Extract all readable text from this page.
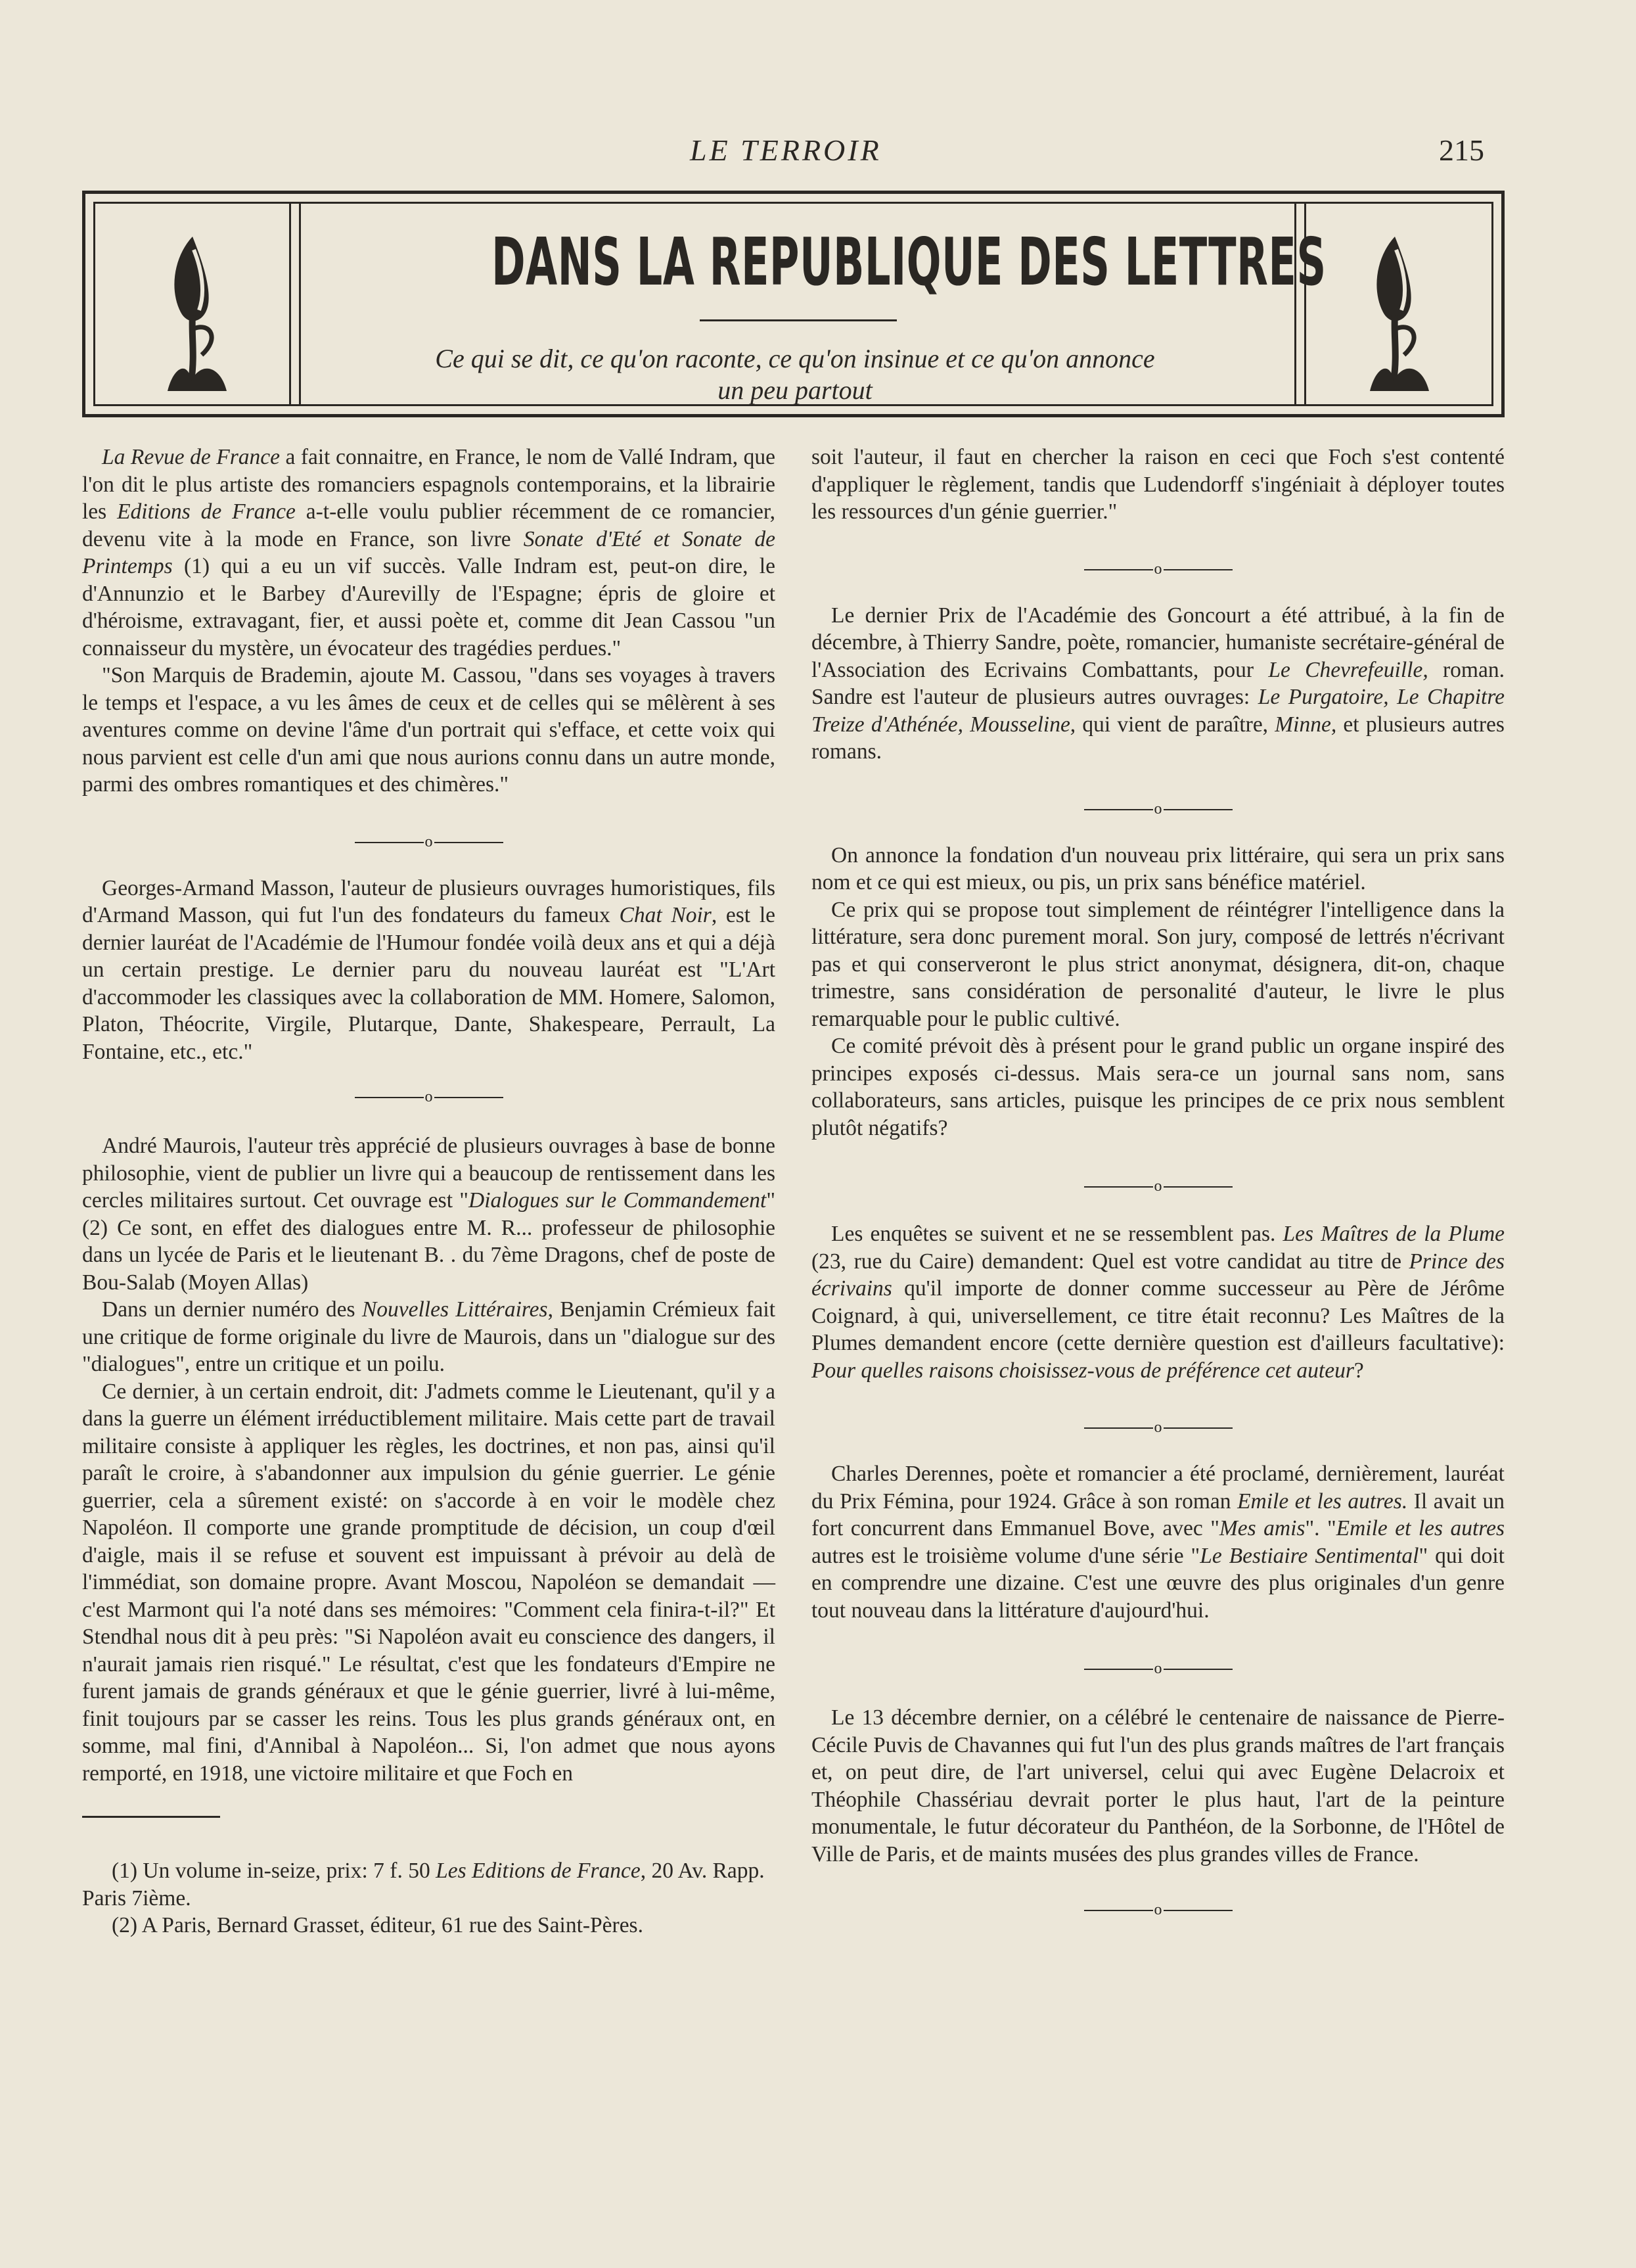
LE TERROIR	215
DANS LA REPUBLIQUE DES LETTRES
Ce qui se dit, ce qu'on raconte, ce qu'on insinue et ce qu'on annonce
un peu partout

La Revue de France a fait connaitre, en France, le nom de Vallé Indram, que l'on dit le plus artiste des romanciers espagnols contemporains, et la librairie les Editions de France a-t-elle voulu publier récemment de ce romancier, devenu vite à la mode en France, son livre Sonate d'Eté et Sonate de Printemps (1) qui a eu un vif succès. Valle Indram est, peut-on dire, le d'Annunzio et le Barbey d'Aurevilly de l'Espagne; épris de gloire et d'héroisme, extravagant, fier, et aussi poète et, comme dit Jean Cassou "un connaisseur du mystère, un évocateur des tragédies perdues."

"Son Marquis de Brademin, ajoute M. Cassou, "dans ses voyages à travers le temps et l'espace, a vu les âmes de ceux et de celles qui se mêlèrent à ses aventures comme on devine l'âme d'un portrait qui s'efface, et cette voix qui nous parvient est celle d'un ami que nous aurions connu dans un autre monde, parmi des ombres romantiques et des chimères."

o

Georges-Armand Masson, l'auteur de plusieurs ouvrages humoristiques, fils d'Armand Masson, qui fut l'un des fondateurs du fameux Chat Noir, est le dernier lauréat de l'Académie de l'Humour fondée voilà deux ans et qui a déjà un certain prestige. Le dernier paru du nouveau lauréat est "L'Art d'accommoder les classiques avec la collaboration de MM. Homere, Salomon, Platon, Théocrite, Virgile, Plutarque, Dante, Shakespeare, Perrault, La Fontaine, etc., etc."

o

André Maurois, l'auteur très apprécié de plusieurs ouvrages à base de bonne philosophie, vient de publier un livre qui a beaucoup de rentissement dans les cercles militaires surtout. Cet ouvrage est "Dialogues sur le Commandement" (2) Ce sont, en effet des dialogues entre M. R... professeur de philosophie dans un lycée de Paris et le lieutenant B. . du 7ème Dragons, chef de poste de Bou-Salab (Moyen Allas)

Dans un dernier numéro des Nouvelles Littéraires, Benjamin Crémieux fait une critique de forme originale du livre de Maurois, dans un "dialogue sur des "dialogues", entre un critique et un poilu.

Ce dernier, à un certain endroit, dit: J'admets comme le Lieutenant, qu'il y a dans la guerre un élément irréductiblement militaire. Mais cette part de travail militaire consiste à appliquer les règles, les doctrines, et non pas, ainsi qu'il paraît le croire, à s'abandonner aux impulsion du génie guerrier. Le génie guerrier, cela a sûrement existé: on s'accorde à en voir le modèle chez Napoléon. Il comporte une grande promptitude de décision, un coup d'œil d'aigle, mais il se refuse et souvent est impuissant à prévoir au delà de l'immédiat, son domaine propre. Avant Moscou, Napoléon se demandait — c'est Marmont qui l'a noté dans ses mémoires: "Comment cela finira-t-il?" Et Stendhal nous dit à peu près: "Si Napoléon avait eu conscience des dangers, il n'aurait jamais rien risqué." Le résultat, c'est que les fondateurs d'Empire ne furent jamais de grands généraux et que le génie guerrier, livré à lui-même, finit toujours par se casser les reins. Tous les plus grands généraux ont, en somme, mal fini, d'Annibal à Napoléon... Si, l'on admet que nous ayons remporté, en 1918, une victoire militaire et que Foch en

(1) Un volume in-seize, prix: 7 f. 50 Les Editions de France, 20 Av. Rapp. Paris 7ième.
(2) A Paris, Bernard Grasset, éditeur, 61 rue des Saint-Pères.

soit l'auteur, il faut en chercher la raison en ceci que Foch s'est contenté d'appliquer le règlement, tandis que Ludendorff s'ingéniait à déployer toutes les ressources d'un génie guerrier."

o

Le dernier Prix de l'Académie des Goncourt a été attribué, à la fin de décembre, à Thierry Sandre, poète, romancier, humaniste secrétaire-général de l'Association des Ecrivains Combattants, pour Le Chevrefeuille, roman. Sandre est l'auteur de plusieurs autres ouvrages: Le Purgatoire, Le Chapitre Treize d'Athénée, Mousseline, qui vient de paraître, Minne, et plusieurs autres romans.

o

On annonce la fondation d'un nouveau prix littéraire, qui sera un prix sans nom et ce qui est mieux, ou pis, un prix sans bénéfice matériel.

Ce prix qui se propose tout simplement de réintégrer l'intelligence dans la littérature, sera donc purement moral. Son jury, composé de lettrés n'écrivant pas et qui conserveront le plus strict anonymat, désignera, dit-on, chaque trimestre, sans considération de personalité d'auteur, le livre le plus remarquable pour le public cultivé.

Ce comité prévoit dès à présent pour le grand public un organe inspiré des principes exposés ci-dessus. Mais sera-ce un journal sans nom, sans collaborateurs, sans articles, puisque les principes de ce prix nous semblent plutôt négatifs?

o

Les enquêtes se suivent et ne se ressemblent pas. Les Maîtres de la Plume (23, rue du Caire) demandent: Quel est votre candidat au titre de Prince des écrivains qu'il importe de donner comme successeur au Père de Jérôme Coignard, à qui, universellement, ce titre était reconnu? Les Maîtres de la Plumes demandent encore (cette dernière question est d'ailleurs facultative): Pour quelles raisons choisissez-vous de préférence cet auteur?

o

Charles Derennes, poète et romancier a été proclamé, dernièrement, lauréat du Prix Fémina, pour 1924. Grâce à son roman Emile et les autres. Il avait un fort concurrent dans Emmanuel Bove, avec "Mes amis". "Emile et les autres autres est le troisième volume d'une série "Le Bestiaire Sentimental" qui doit en comprendre une dizaine. C'est une œuvre des plus originales d'un genre tout nouveau dans la littérature d'aujourd'hui.

o

Le 13 décembre dernier, on a célébré le centenaire de naissance de Pierre-Cécile Puvis de Chavannes qui fut l'un des plus grands maîtres de l'art français et, on peut dire, de l'art universel, celui qui avec Eugène Delacroix et Théophile Chassériau devrait porter le plus haut, l'art de la peinture monumentale, le futur décorateur du Panthéon, de la Sorbonne, de l'Hôtel de Ville de Paris, et de maints musées des plus grandes villes de France.

o
